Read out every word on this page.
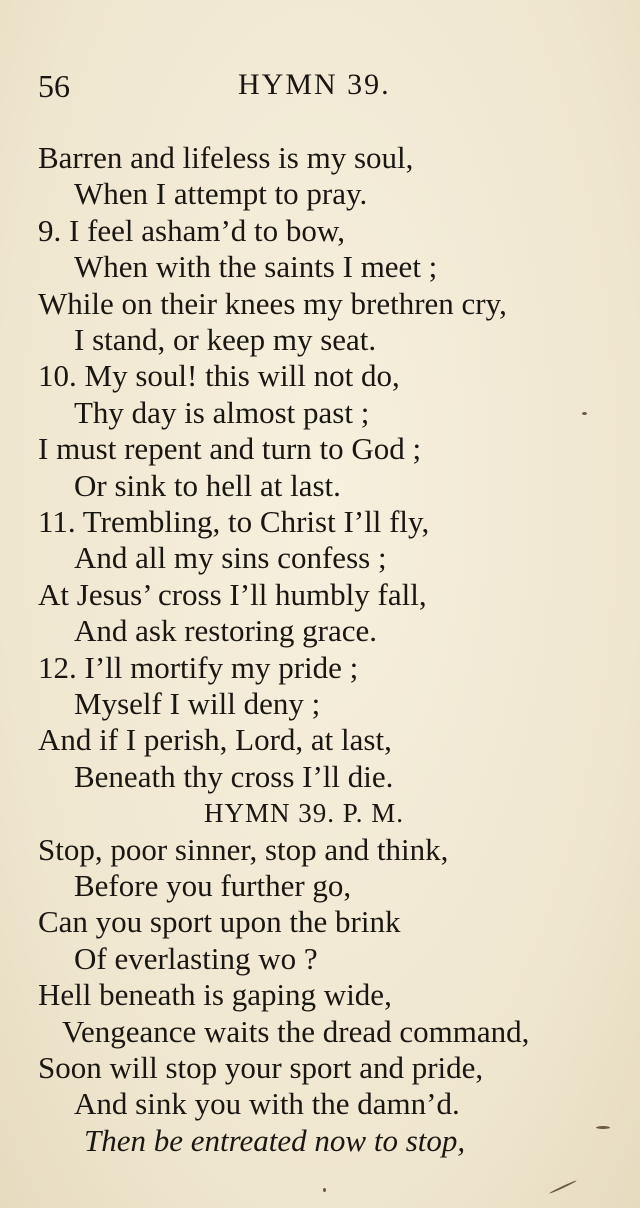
56	HYMN 39.
Barren and lifeless is my soul,
When I attempt to pray.
9. I feel asham’d to bow,
When with the saints I meet ;
While on their knees my brethren cry,
I stand, or keep my seat.
10. My soul! this will not do,
Thy day is almost past ;
I must repent and turn to God ;
Or sink to hell at last.
11. Trembling, to Christ I’ll fly,
And all my sins confess ;
At Jesus’ cross I’ll humbly fall,
And ask restoring grace.
12. I’ll mortify my pride ;
Myself I will deny ;
And if I perish, Lord, at last,
Beneath thy cross I’ll die.
HYMN 39. P. M.
Stop, poor sinner, stop and think,
Before you further go,
Can you sport upon the brink
Of everlasting wo ?
Hell beneath is gaping wide,
Vengeance waits the dread command,
Soon will stop your sport and pride,
And sink you with the damn’d.
Then be entreated now to stop,
